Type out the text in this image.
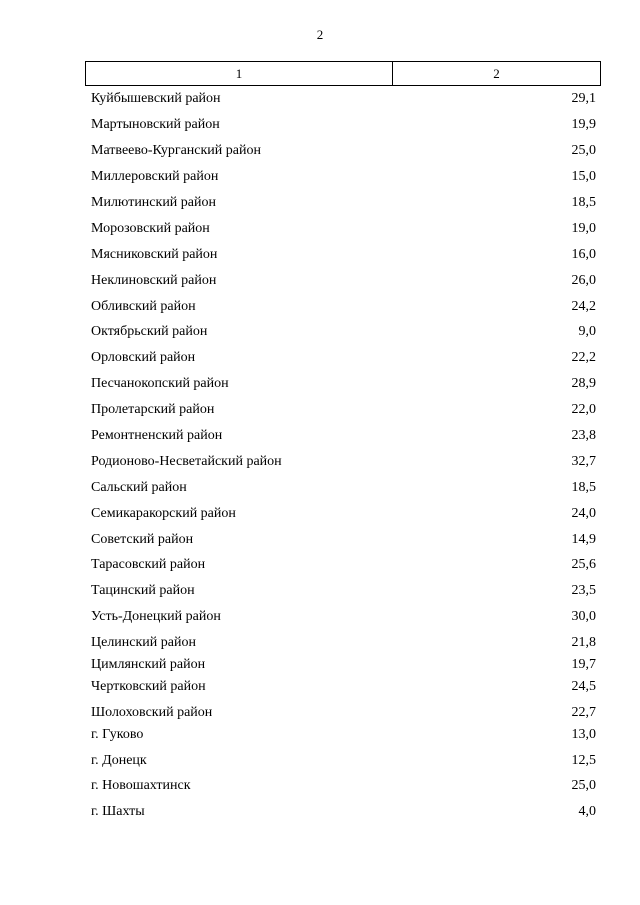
2
1	2
Куйбышевский район	29,1
Мартыновский район	19,9
Матвеево-Курганский район	25,0
Миллеровский район	15,0
Милютинский район	18,5
Морозовский район	19,0
Мясниковский район	16,0
Неклиновский район	26,0
Обливский район	24,2
Октябрьский район	9,0
Орловский район	22,2
Песчанокопский район	28,9
Пролетарский район	22,0
Ремонтненский район	23,8
Родионово-Несветайский район	32,7
Сальский район	18,5
Семикаракорский район	24,0
Советский район	14,9
Тарасовский район	25,6
Тацинский район	23,5
Усть-Донецкий район	30,0
Целинский район	21,8
Цимлянский район	19,7
Чертковский район	24,5
Шолоховский район	22,7
г. Гуково	13,0
г. Донецк	12,5
г. Новошахтинск	25,0
г. Шахты	4,0
